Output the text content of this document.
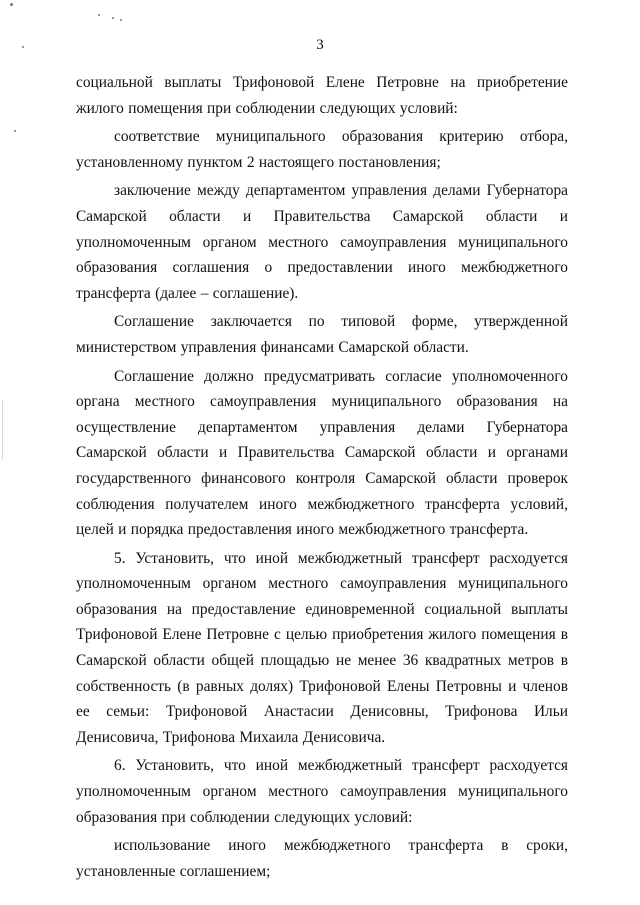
3

социальной выплаты Трифоновой Елене Петровне на приобретение жилого помещения при соблюдении следующих условий:

соответствие муниципального образования критерию отбора, установленному пунктом 2 настоящего постановления;

заключение между департаментом управления делами Губернатора Самарской области и Правительства Самарской области и уполномоченным органом местного самоуправления муниципального образования соглашения о предоставлении иного межбюджетного трансферта (далее – соглашение).

Соглашение заключается по типовой форме, утвержденной министерством управления финансами Самарской области.

Соглашение должно предусматривать согласие уполномоченного органа местного самоуправления муниципального образования на осуществление департаментом управления делами Губернатора Самарской области и Правительства Самарской области и органами государственного финансового контроля Самарской области проверок соблюдения получателем иного межбюджетного трансферта условий, целей и порядка предоставления иного межбюджетного трансферта.

5. Установить, что иной межбюджетный трансферт расходуется уполномоченным органом местного самоуправления муниципального образования на предоставление единовременной социальной выплаты Трифоновой Елене Петровне с целью приобретения жилого помещения в Самарской области общей площадью не менее 36 квадратных метров в собственность (в равных долях) Трифоновой Елены Петровны и членов ее семьи: Трифоновой Анастасии Денисовны, Трифонова Ильи Денисовича, Трифонова Михаила Денисовича.

6. Установить, что иной межбюджетный трансферт расходуется уполномоченным органом местного самоуправления муниципального образования при соблюдении следующих условий:

использование иного межбюджетного трансферта в сроки, установленные соглашением;
